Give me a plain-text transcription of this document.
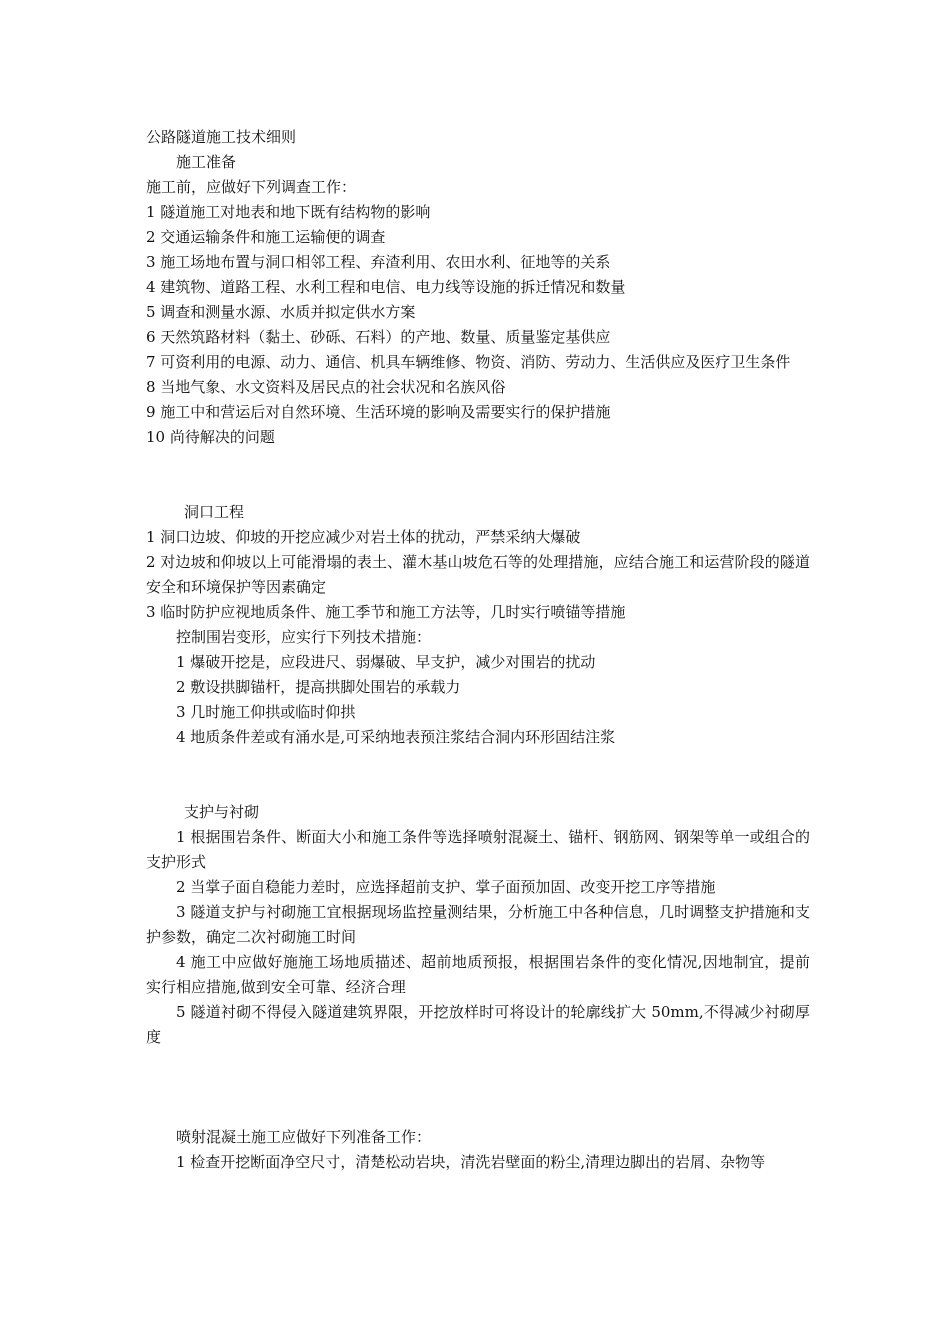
公路隧道施工技术细则
施工准备
施工前，应做好下列调查工作：
1 隧道施工对地表和地下既有结构物的影响
2 交通运输条件和施工运输便的调查
3 施工场地布置与洞口相邻工程、弃渣利用、农田水利、征地等的关系
4 建筑物、道路工程、水利工程和电信、电力线等设施的拆迁情况和数量
5 调查和测量水源、水质并拟定供水方案
6 天然筑路材料（黏土、砂砾、石料）的产地、数量、质量鉴定基供应
7 可资利用的电源、动力、通信、机具车辆维修、物资、消防、劳动力、生活供应及医疗卫生条件
8 当地气象、水文资料及居民点的社会状况和名族风俗
9 施工中和营运后对自然环境、生活环境的影响及需要实行的保护措施
10 尚待解决的问题
洞口工程
1 洞口边坡、仰坡的开挖应减少对岩土体的扰动，严禁采纳大爆破
2 对边坡和仰坡以上可能滑塌的表土、灌木基山坡危石等的处理措施，应结合施工和运营阶段的隧道安全和环境保护等因素确定
3 临时防护应视地质条件、施工季节和施工方法等，几时实行喷锚等措施
控制围岩变形，应实行下列技术措施：
1 爆破开挖是，应段进尺、弱爆破、早支护，减少对围岩的扰动
2 敷设拱脚锚杆，提高拱脚处围岩的承载力
3 几时施工仰拱或临时仰拱
4 地质条件差或有涌水是,可采纳地表预注浆结合洞内环形固结注浆
支护与衬砌
1 根据围岩条件、断面大小和施工条件等选择喷射混凝土、锚杆、钢筋网、钢架等单一或组合的支护形式
2 当掌子面自稳能力差时，应选择超前支护、掌子面预加固、改变开挖工序等措施
3 隧道支护与衬砌施工宜根据现场监控量测结果，分析施工中各种信息，几时调整支护措施和支护参数，确定二次衬砌施工时间
4 施工中应做好施施工场地质描述、超前地质预报，根据围岩条件的变化情况,因地制宜，提前实行相应措施,做到安全可靠、经济合理
5 隧道衬砌不得侵入隧道建筑界限，开挖放样时可将设计的轮廓线扩大 50mm,不得减少衬砌厚度
喷射混凝土施工应做好下列准备工作：
1 检查开挖断面净空尺寸，清楚松动岩块，清洗岩壁面的粉尘,清理边脚出的岩屑、杂物等
